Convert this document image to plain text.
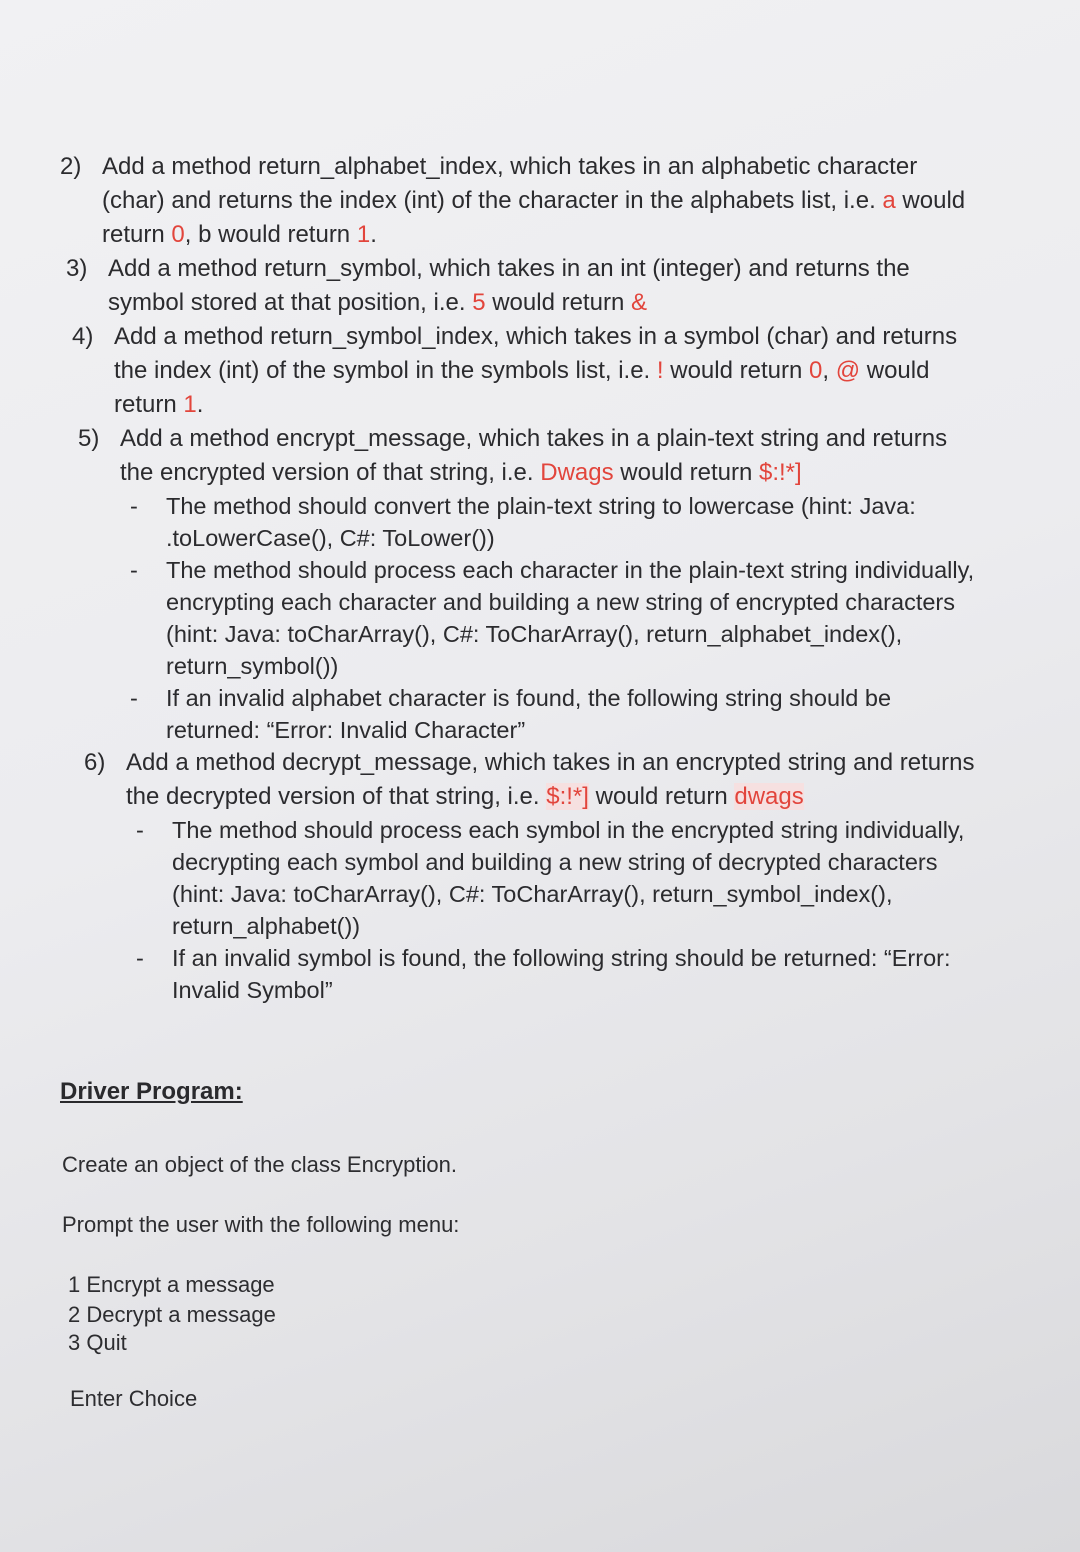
2) Add a method return_alphabet_index, which takes in an alphabetic character
(char) and returns the index (int) of the character in the alphabets list, i.e. a would
return 0, b would return 1.
3) Add a method return_symbol, which takes in an int (integer) and returns the
symbol stored at that position, i.e. 5 would return &
4) Add a method return_symbol_index, which takes in a symbol (char) and returns
the index (int) of the symbol in the symbols list, i.e. ! would return 0, @ would
return 1.
5) Add a method encrypt_message, which takes in a plain-text string and returns
the encrypted version of that string, i.e. Dwags would return $:!*]
- The method should convert the plain-text string to lowercase (hint: Java:
.toLowerCase(), C#: ToLower())
- The method should process each character in the plain-text string individually,
encrypting each character and building a new string of encrypted characters
(hint: Java: toCharArray(), C#: ToCharArray(), return_alphabet_index(),
return_symbol())
- If an invalid alphabet character is found, the following string should be
returned: “Error: Invalid Character”
6) Add a method decrypt_message, which takes in an encrypted string and returns
the decrypted version of that string, i.e. $:!*] would return dwags
- The method should process each symbol in the encrypted string individually,
decrypting each symbol and building a new string of decrypted characters
(hint: Java: toCharArray(), C#: ToCharArray(), return_symbol_index(),
return_alphabet())
- If an invalid symbol is found, the following string should be returned: “Error:
Invalid Symbol”
Driver Program:
Create an object of the class Encryption.
Prompt the user with the following menu:
1 Encrypt a message
2 Decrypt a message
3 Quit
Enter Choice
